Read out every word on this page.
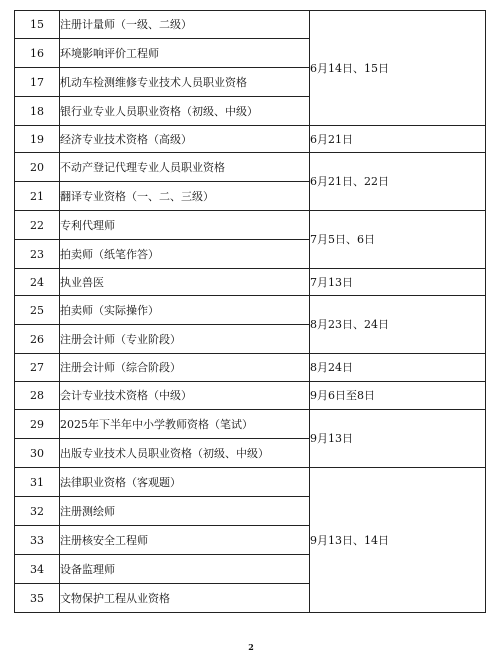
15	注册计量师（一级、二级）	6月14日、15日
16	环境影响评价工程师	
17	机动车检测维修专业技术人员职业资格	
18	银行业专业人员职业资格（初级、中级）	
19	经济专业技术资格（高级）	6月21日
20	不动产登记代理专业人员职业资格	6月21日、22日
21	翻译专业资格（一、二、三级）	
22	专利代理师	7月5日、6日
23	拍卖师（纸笔作答）	
24	执业兽医	7月13日
25	拍卖师（实际操作）	8月23日、24日
26	注册会计师（专业阶段）	
27	注册会计师（综合阶段）	8月24日
28	会计专业技术资格（中级）	9月6日至8日
29	2025年下半年中小学教师资格（笔试）	9月13日
30	出版专业技术人员职业资格（初级、中级）	
31	法律职业资格（客观题）	9月13日、14日
32	注册测绘师	
33	注册核安全工程师	
34	设备监理师	
35	文物保护工程从业资格	
2
